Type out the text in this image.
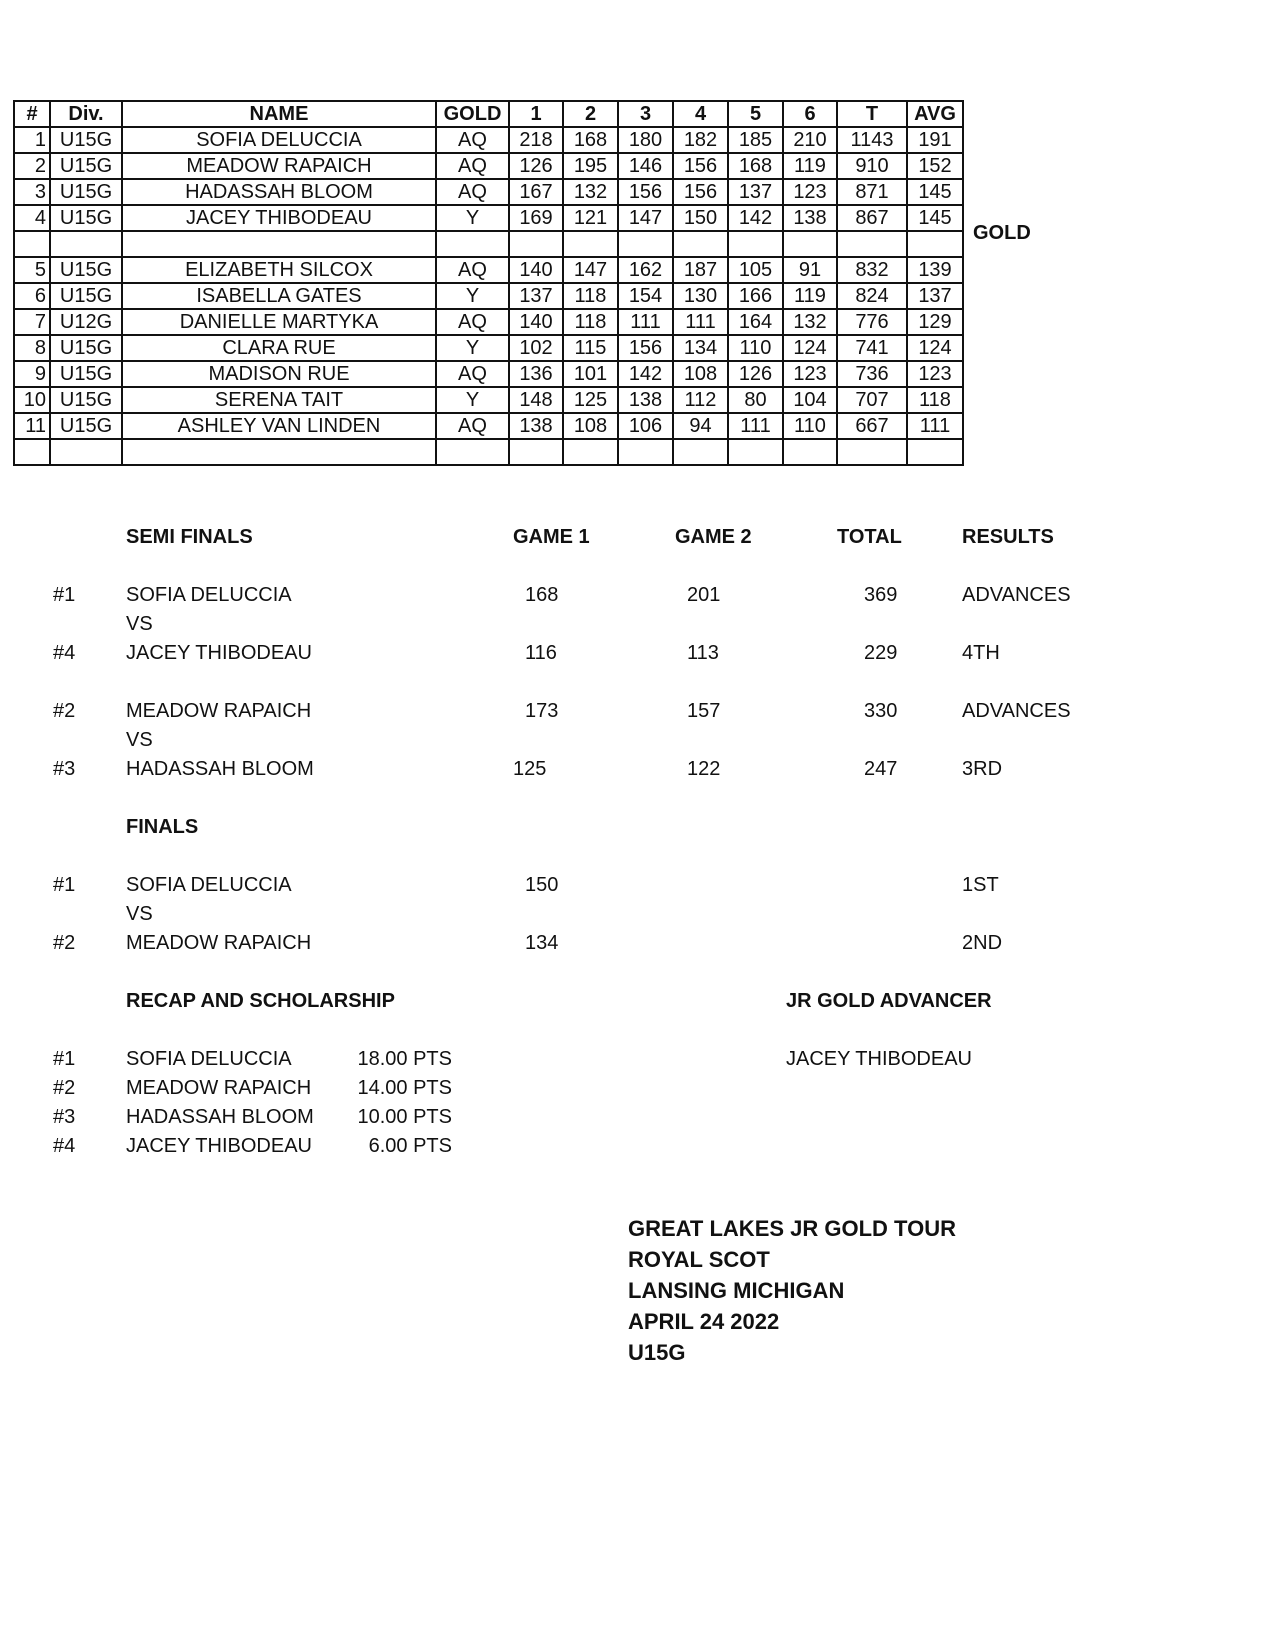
#	Div.	NAME	GOLD	1	2	3	4	5	6	T	AVG
1	U15G	SOFIA DELUCCIA	AQ	218	168	180	182	185	210	1143	191
2	U15G	MEADOW RAPAICH	AQ	126	195	146	156	168	119	910	152
3	U15G	HADASSAH BLOOM	AQ	167	132	156	156	137	123	871	145
4	U15G	JACEY THIBODEAU	Y	169	121	147	150	142	138	867	145

5	U15G	ELIZABETH SILCOX	AQ	140	147	162	187	105	91	832	139
6	U15G	ISABELLA GATES	Y	137	118	154	130	166	119	824	137
7	U12G	DANIELLE MARTYKA	AQ	140	118	111	111	164	132	776	129
8	U15G	CLARA RUE	Y	102	115	156	134	110	124	741	124
9	U15G	MADISON RUE	AQ	136	101	142	108	126	123	736	123
10	U15G	SERENA TAIT	Y	148	125	138	112	80	104	707	118
11	U15G	ASHLEY VAN LINDEN	AQ	138	108	106	94	111	110	667	111

GOLD
SEMI FINALS	GAME 1	GAME 2	TOTAL	RESULTS
#1	SOFIA DELUCCIA	168	201	369	ADVANCES
VS
#4	JACEY THIBODEAU	116	113	229	4TH
#2	MEADOW RAPAICH	173	157	330	ADVANCES
VS
#3	HADASSAH BLOOM	125	122	247	3RD
FINALS
#1	SOFIA DELUCCIA	150	1ST
VS
#2	MEADOW RAPAICH	134	2ND
RECAP AND SCHOLARSHIP	JR GOLD ADVANCER
JACEY THIBODEAU
#1	SOFIA DELUCCIA	18.00 PTS
#2	MEADOW RAPAICH	14.00 PTS
#3	HADASSAH BLOOM	10.00 PTS
#4	JACEY THIBODEAU	6.00 PTS
GREAT LAKES JR GOLD TOUR
ROYAL SCOT
LANSING MICHIGAN
APRIL 24 2022
U15G
